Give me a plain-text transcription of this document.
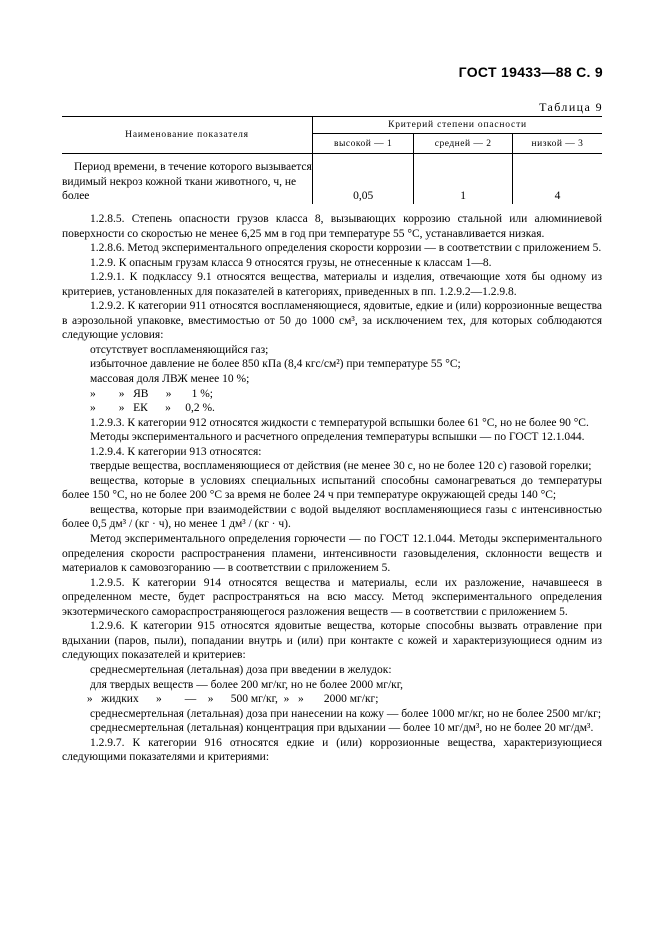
ГОСТ 19433—88 С. 9
Таблица 9
Наименование показателя	Критерий степени опасности		
	высокой — 1	средней — 2	низкой — 3

Период времени, в течение которого вызывается
видимый некроз кожной ткани животного, ч, не
более	0,05	1	4

1.2.8.5. Степень опасности грузов класса 8, вызывающих коррозию стальной или алюминиевой поверхности со скоростью не менее 6,25 мм в год при температуре 55 °С, устанавливается низкая.

1.2.8.6. Метод экспериментального определения скорости коррозии — в соответствии с приложением 5.

1.2.9. К опасным грузам класса 9 относятся грузы, не отнесенные к классам 1—8.

1.2.9.1. К подклассу 9.1 относятся вещества, материалы и изделия, отвечающие хотя бы одному из критериев, установленных для показателей в категориях, приведенных в пп. 1.2.9.2—1.2.9.8.

1.2.9.2. К категории 911 относятся воспламеняющиеся, ядовитые, едкие и (или) коррозионные вещества в аэрозольной упаковке, вместимостью от 50 до 1000 см³, за исключением тех, для которых соблюдаются следующие условия:

отсутствует воспламеняющийся газ;

избыточное давление не более 850 кПа (8,4 кгс/см²) при температуре 55 °С;

массовая доля ЛВЖ менее 10 %;

»        »   ЯВ      »       1 %;

»        »   ЕК      »     0,2 %.

1.2.9.3. К категории 912 относятся жидкости с температурой вспышки более 61 °С, но не более 90 °С.

Методы экспериментального и расчетного определения температуры вспышки — по ГОСТ 12.1.044.

1.2.9.4. К категории 913 относятся:

твердые вещества, воспламеняющиеся от действия (не менее 30 с, но не более 120 с) газовой горелки;

вещества, которые в условиях специальных испытаний способны самонагреваться до температуры более 150 °С, но не более 200 °С за время не более 24 ч при температуре окружающей среды 140 °С;

вещества, которые при взаимодействии с водой выделяют воспламеняющиеся газы с интенсивностью более 0,5 дм³ / (кг · ч), но менее 1 дм³ / (кг · ч).

Метод экспериментального определения горючести — по ГОСТ 12.1.044. Методы экспериментального определения скорости распространения пламени, интенсивности газовыделения, склонности веществ и материалов к самовозгоранию — в соответствии с приложением 5.

1.2.9.5. К категории 914 относятся вещества и материалы, если их разложение, начавшееся в определенном месте, будет распространяться на всю массу. Метод экспериментального определения экзотермического самораспространяющегося разложения веществ — в соответствии с приложением 5.

1.2.9.6. К категории 915 относятся ядовитые вещества, которые способны вызвать отравление при вдыхании (паров, пыли), попадании внутрь и (или) при контакте с кожей и характеризующиеся одним из следующих показателей и критериев:

среднесмертельная (летальная) доза при введении в желудок:

для твердых веществ — более 200 мг/кг, но не более 2000 мг/кг,

»   жидких      »        —    »      500 мг/кг,  »   »       2000 мг/кг;

среднесмертельная (летальная) доза при нанесении на кожу — более 1000 мг/кг, но не более 2500 мг/кг;

среднесмертельная (летальная) концентрация при вдыхании — более 10 мг/дм³, но не более 20 мг/дм³.

1.2.9.7. К категории 916 относятся едкие и (или) коррозионные вещества, характеризующиеся следующими показателями и критериями:
